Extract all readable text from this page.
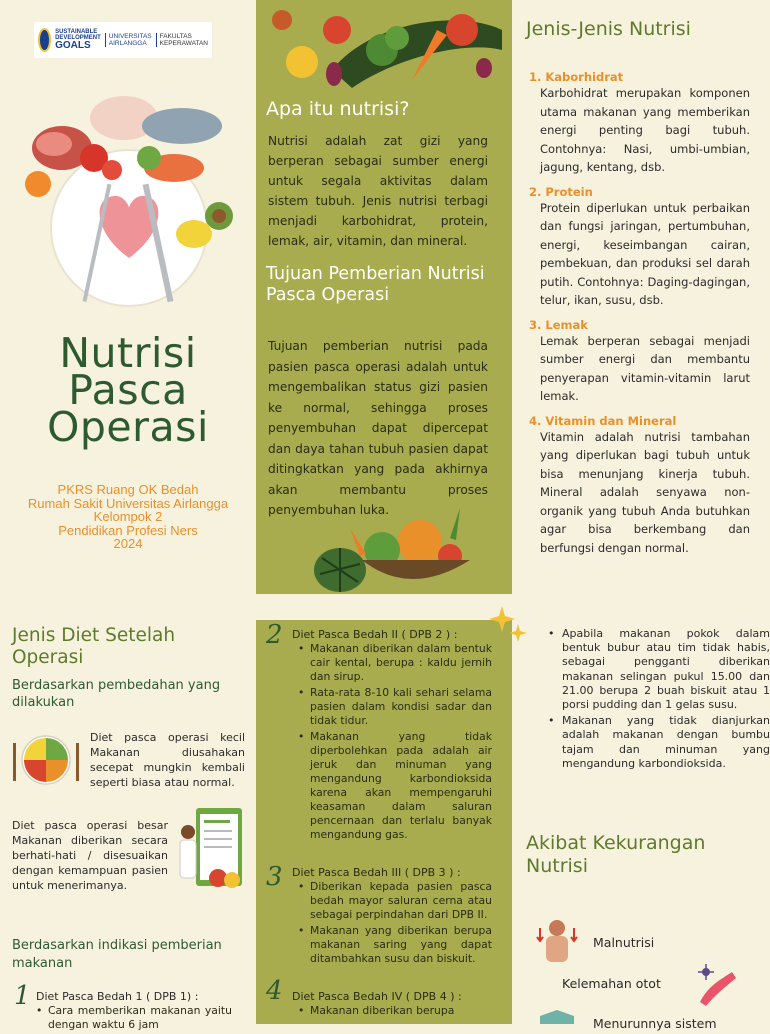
SUSTAINABLE DEVELOPMENT
GOALS
UNIVERSITAS AIRLANGGA
FAKULTAS KEPERAWATAN
Nutrisi
Pasca
Operasi
PKRS Ruang OK Bedah
Rumah Sakit Universitas Airlangga
Kelompok 2
Pendidikan Profesi Ners
2024
Apa itu nutrisi?
Nutrisi adalah zat gizi yang berperan sebagai sumber energi untuk segala aktivitas dalam sistem tubuh. Jenis nutrisi terbagi menjadi karbohidrat, protein, lemak, air, vitamin, dan mineral.
Tujuan Pemberian Nutrisi Pasca Operasi
Tujuan pemberian nutrisi pada pasien pasca operasi adalah untuk mengembalikan status gizi pasien ke normal, sehingga proses penyembuhan dapat dipercepat dan daya tahan tubuh pasien dapat ditingkatkan yang pada akhirnya akan membantu proses penyembuhan luka.
Jenis-Jenis Nutrisi
1. Kaborhidrat
Karbohidrat merupakan komponen utama makanan yang memberikan energi penting bagi tubuh. Contohnya: Nasi, umbi-umbian, jagung, kentang, dsb.
2. Protein
Protein diperlukan untuk perbaikan dan fungsi jaringan, pertumbuhan, energi, keseimbangan cairan, pembekuan, dan produksi sel darah putih. Contohnya: Daging-dagingan, telur, ikan, susu, dsb.
3. Lemak
Lemak berperan sebagai menjadi sumber energi dan membantu penyerapan vitamin-vitamin larut lemak.
4. Vitamin dan Mineral
Vitamin adalah nutrisi tambahan yang diperlukan bagi tubuh untuk bisa menunjang kinerja tubuh. Mineral adalah senyawa non-organik yang tubuh Anda butuhkan agar bisa berkembang dan berfungsi dengan normal.
Jenis Diet Setelah Operasi
Berdasarkan pembedahan yang dilakukan
Diet pasca operasi kecil Makanan diusahakan secepat mungkin kembali seperti biasa atau normal.
Diet pasca operasi besar Makanan diberikan secara berhati-hati / disesuaikan dengan kemampuan pasien untuk menerimanya.
Berdasarkan indikasi pemberian makanan
1 Diet Pasca Bedah 1 ( DPB 1) :
• Cara memberikan makanan yaitu dengan waktu 6 jam
2 Diet Pasca Bedah II ( DPB 2 ) :
• Makanan diberikan dalam bentuk cair kental, berupa : kaldu jernih dan sirup.
• Rata-rata 8-10 kali sehari selama pasien dalam kondisi sadar dan tidak tidur.
• Makanan yang tidak diperbolehkan pada adalah air jeruk dan minuman yang mengandung karbondioksida karena akan mempengaruhi keasaman dalam saluran pencernaan dan terlalu banyak mengandung gas.
3 Diet Pasca Bedah III ( DPB 3 ) :
• Diberikan kepada pasien pasca bedah mayor saluran cerna atau sebagai perpindahan dari DPB II.
• Makanan yang diberikan berupa makanan saring yang dapat ditambahkan susu dan biskuit.
4 Diet Pasca Bedah IV ( DPB 4 ) :
• Makanan diberikan berupa
• Apabila makanan pokok dalam bentuk bubur atau tim tidak habis, sebagai pengganti diberikan makanan selingan pukul 15.00 dan 21.00 berupa 2 buah biskuit atau 1 porsi pudding dan 1 gelas susu.
• Makanan yang tidak dianjurkan adalah makanan dengan bumbu tajam dan minuman yang mengandung karbondioksida.
Akibat Kekurangan Nutrisi
Malnutrisi
Kelemahan otot
Menurunnya sistem
